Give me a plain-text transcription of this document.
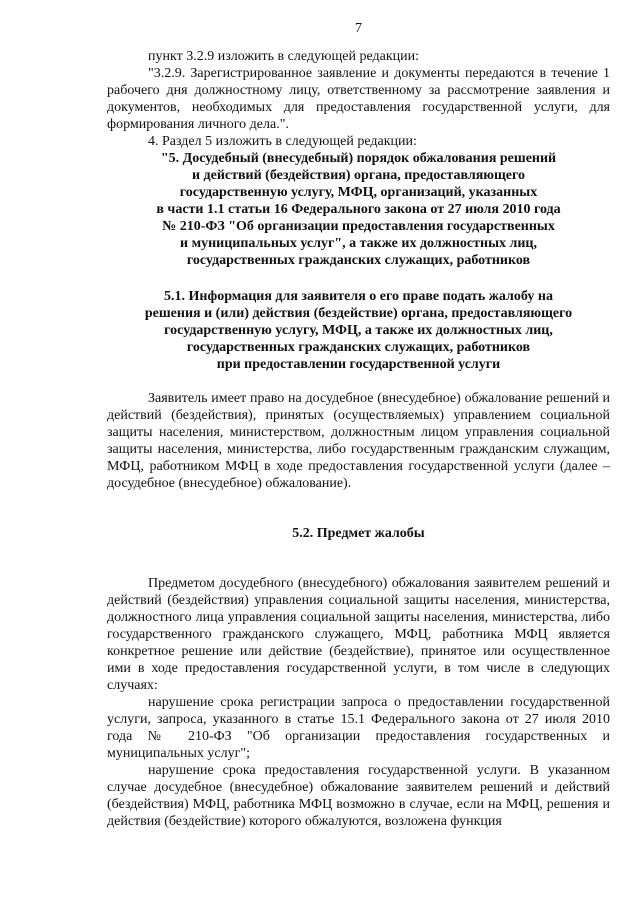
7

пункт 3.2.9 изложить в следующей редакции:

"3.2.9. Зарегистрированное заявление и документы передаются в течение 1 рабочего дня должностному лицу, ответственному за рассмотрение заявления и документов, необходимых для предоставления государственной услуги, для формирования личного дела.".

4. Раздел 5 изложить в следующей редакции:

"5. Досудебный (внесудебный) порядок обжалования решений
и действий (бездействия) органа, предоставляющего
государственную услугу, МФЦ, организаций, указанных
в части 1.1 статьи 16 Федерального закона от 27 июля 2010 года
№ 210-ФЗ "Об организации предоставления государственных
и муниципальных услуг", а также их должностных лиц,
государственных гражданских служащих, работников
5.1. Информация для заявителя о его праве подать жалобу на
решения и (или) действия (бездействие) органа, предоставляющего
государственную услугу, МФЦ, а также их должностных лиц,
государственных гражданских служащих, работников
при предоставлении государственной услуги

Заявитель имеет право на досудебное (внесудебное) обжалование решений и действий (бездействия), принятых (осуществляемых) управлением социальной защиты населения, министерством, должностным лицом управления социальной защиты населения, министерства, либо государственным гражданским служащим, МФЦ, работником МФЦ в ходе предоставления государственной услуги (далее – досудебное (внесудебное) обжалование).

5.2. Предмет жалобы

Предметом досудебного (внесудебного) обжалования заявителем решений и действий (бездействия) управления социальной защиты населения, министерства, должностного лица управления социальной защиты населения, министерства, либо государственного гражданского служащего, МФЦ, работника МФЦ является конкретное решение или действие (бездействие), принятое или осуществленное ими в ходе предоставления государственной услуги, в том числе в следующих случаях:

нарушение срока регистрации запроса о предоставлении государственной услуги, запроса, указанного в статье 15.1 Федерального закона от 27 июля 2010 года № 210-ФЗ "Об организации предоставления государственных и муниципальных услуг";

нарушение срока предоставления государственной услуги. В указанном случае досудебное (внесудебное) обжалование заявителем решений и действий (бездействия) МФЦ, работника МФЦ возможно в случае, если на МФЦ, решения и действия (бездействие) которого обжалуются, возложена функция
